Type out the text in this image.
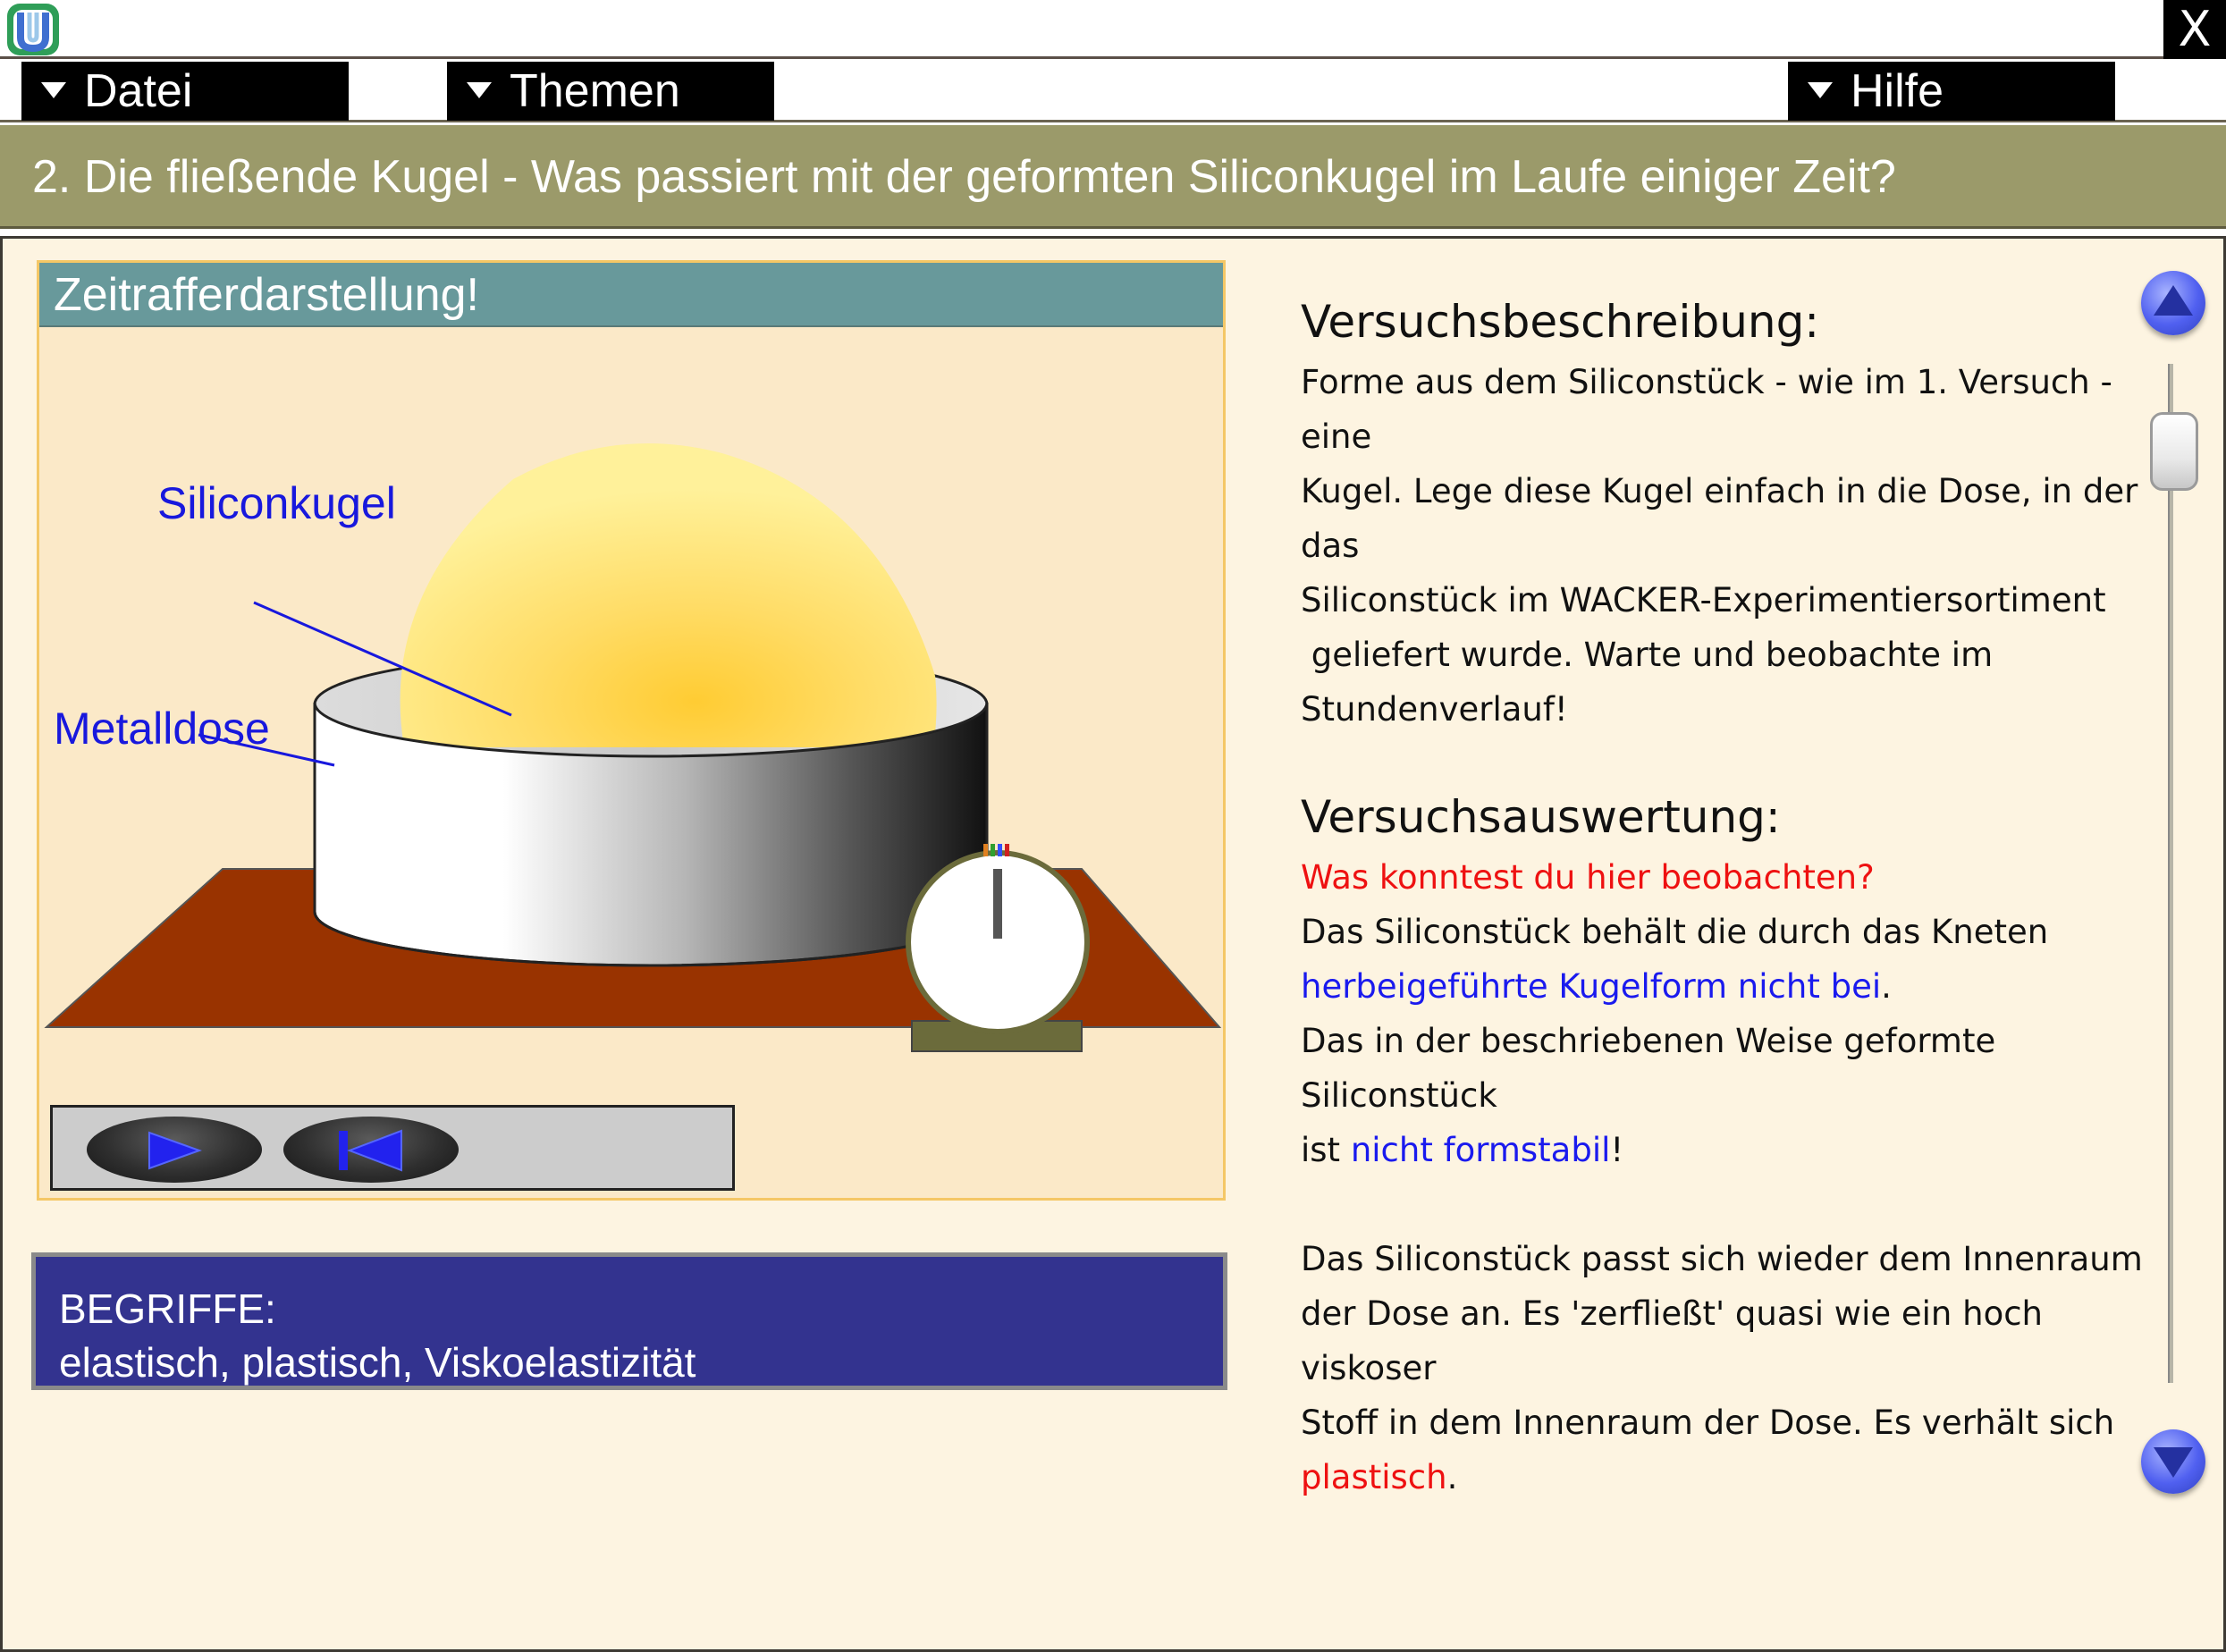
X
Datei	Themen	Hilfe
2. Die fließende Kugel - Was passiert mit der geformten Siliconkugel im Laufe einiger Zeit?
Zeitrafferdarstellung!
Siliconkugel
Metalldose
BEGRIFFE:
elastisch, plastisch, Viskoelastizität
Versuchsbeschreibung:
Forme aus dem Siliconstück - wie im 1. Versuch - eine
Kugel. Lege diese Kugel einfach in die Dose, in der das
Siliconstück im WACKER-Experimentiersortiment
geliefert wurde. Warte und beobachte im
Stundenverlauf!
Versuchsauswertung:
Was konntest du hier beobachten?
Das Siliconstück behält die durch das Kneten
herbeigeführte Kugelform nicht bei.
Das in der beschriebenen Weise geformte Siliconstück
ist nicht formstabil!
Das Siliconstück passt sich wieder dem Innenraum
der Dose an. Es 'zerfließt' quasi wie ein hoch viskoser
Stoff in dem Innenraum der Dose. Es verhält sich
plastisch.
